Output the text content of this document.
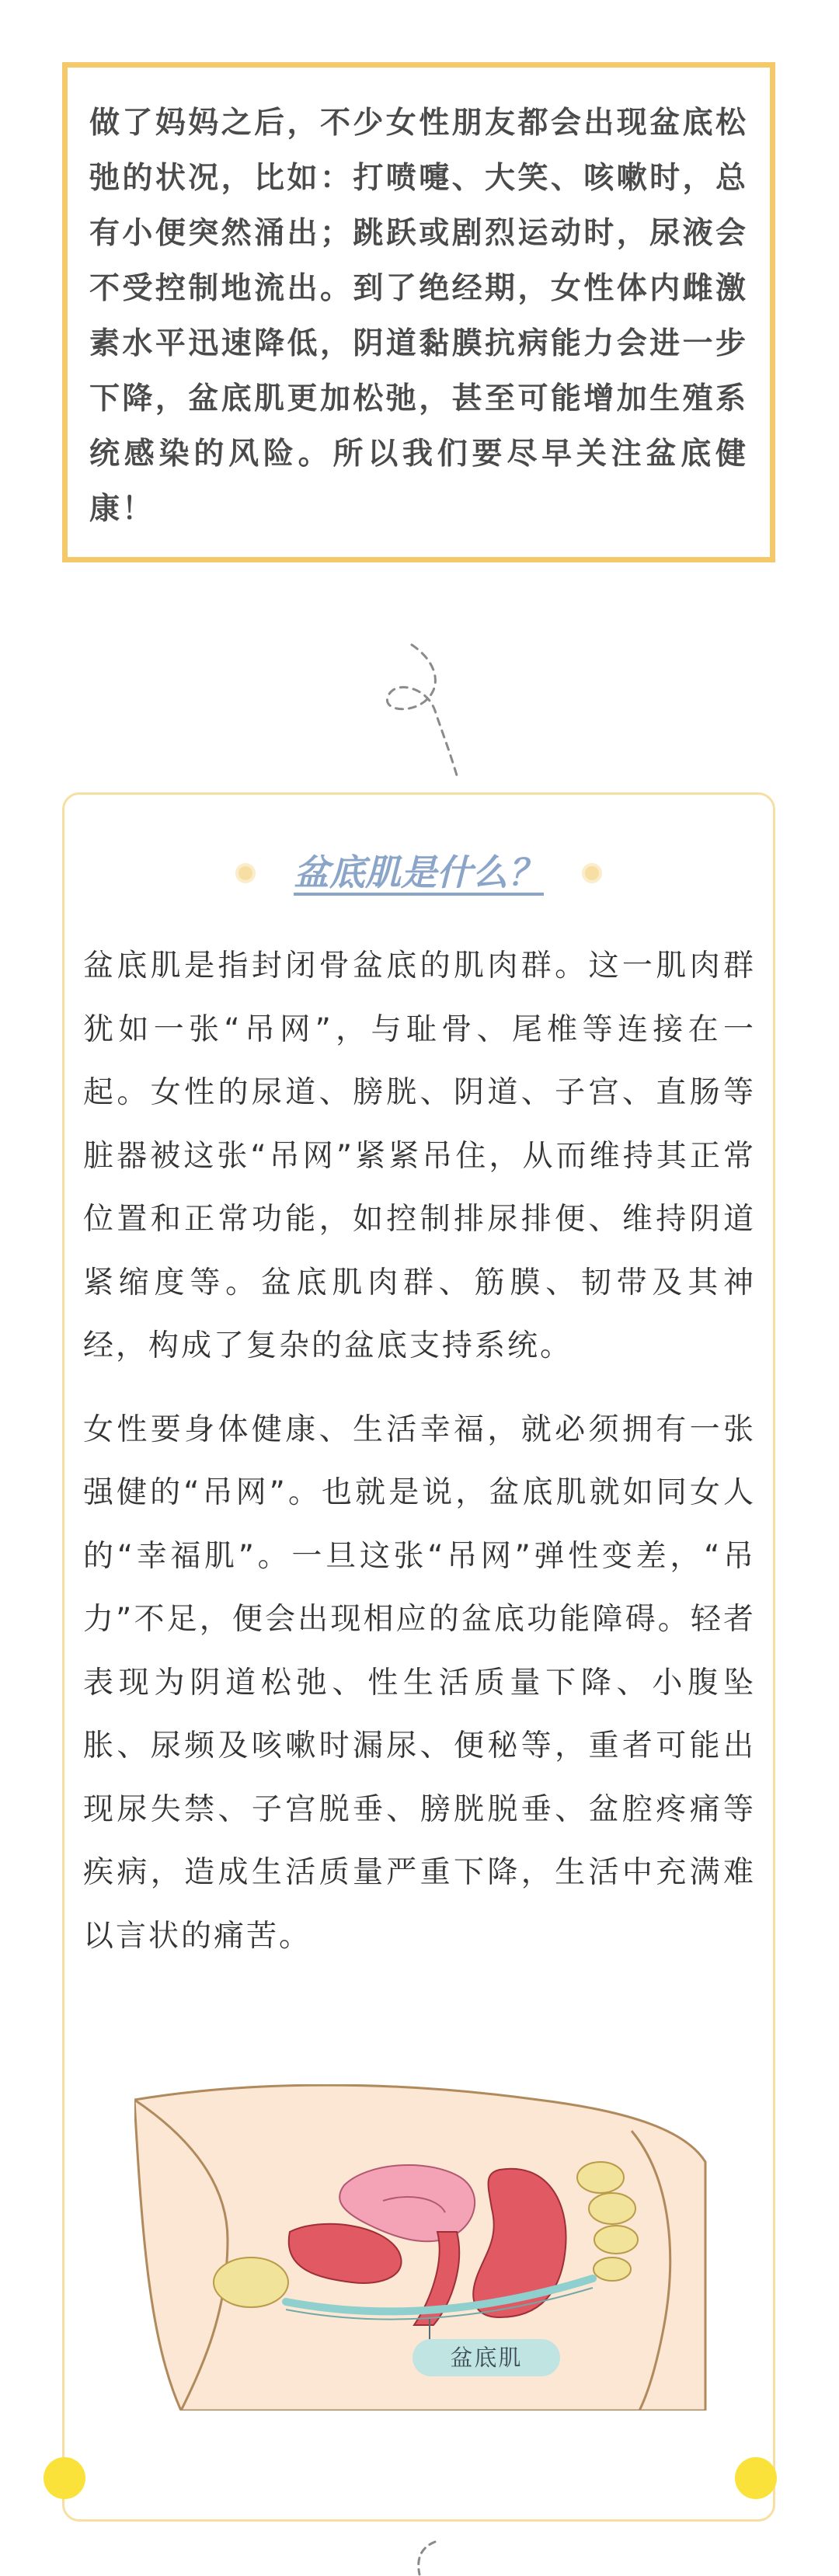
做了妈妈之后，不少女性朋友都会出现盆底松弛的状况，比如：打喷嚏、大笑、咳嗽时，总有小便突然涌出；跳跃或剧烈运动时，尿液会不受控制地流出。到了绝经期，女性体内雌激素水平迅速降低，阴道黏膜抗病能力会进一步下降，盆底肌更加松弛，甚至可能增加生殖系统感染的风险。所以我们要尽早关注盆底健康！

盆底肌是什么？

盆底肌是指封闭骨盆底的肌肉群。这一肌肉群犹如一张“吊网”，与耻骨、尾椎等连接在一起。女性的尿道、膀胱、阴道、子宫、直肠等脏器被这张“吊网”紧紧吊住，从而维持其正常位置和正常功能，如控制排尿排便、维持阴道紧缩度等。盆底肌肉群、筋膜、韧带及其神经，构成了复杂的盆底支持系统。

女性要身体健康、生活幸福，就必须拥有一张强健的“吊网”。也就是说，盆底肌就如同女人的“幸福肌”。一旦这张“吊网”弹性变差，“吊力”不足，便会出现相应的盆底功能障碍。轻者表现为阴道松弛、性生活质量下降、小腹坠胀、尿频及咳嗽时漏尿、便秘等，重者可能出现尿失禁、子宫脱垂、膀胱脱垂、盆腔疼痛等疾病，造成生活质量严重下降，生活中充满难以言状的痛苦。

盆底肌
